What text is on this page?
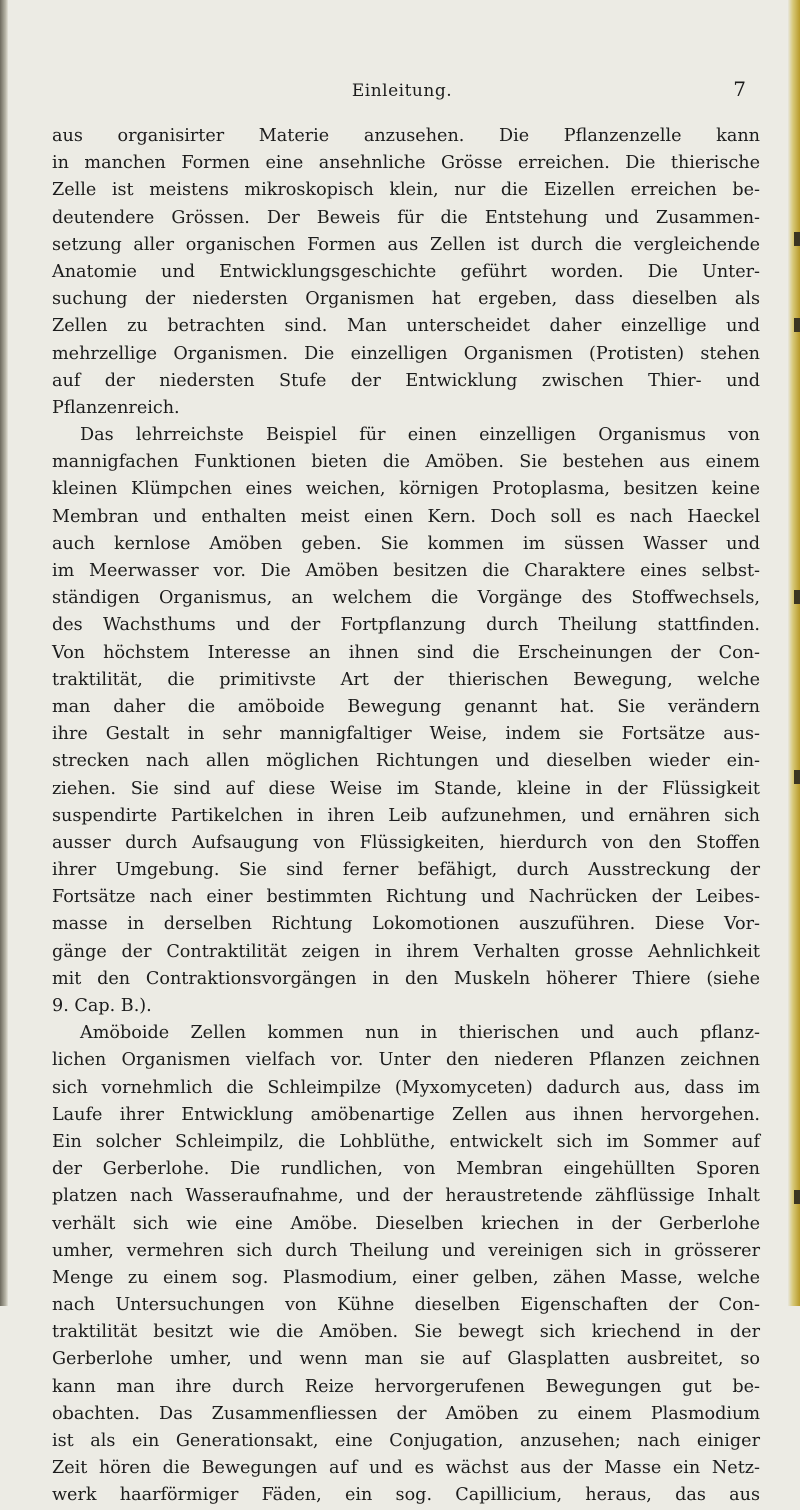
Einleitung.	7
aus organisirter Materie anzusehen. Die Pflanzenzelle kann
in manchen Formen eine ansehnliche Grösse erreichen. Die thierische
Zelle ist meistens mikroskopisch klein, nur die Eizellen erreichen be-
deutendere Grössen. Der Beweis für die Entstehung und Zusammen-
setzung aller organischen Formen aus Zellen ist durch die vergleichende
Anatomie und Entwicklungsgeschichte geführt worden. Die Unter-
suchung der niedersten Organismen hat ergeben, dass dieselben als
Zellen zu betrachten sind. Man unterscheidet daher einzellige und
mehrzellige Organismen. Die einzelligen Organismen (Protisten) stehen
auf der niedersten Stufe der Entwicklung zwischen Thier- und
Pflanzenreich.
Das lehrreichste Beispiel für einen einzelligen Organismus von
mannigfachen Funktionen bieten die Amöben. Sie bestehen aus einem
kleinen Klümpchen eines weichen, körnigen Protoplasma, besitzen keine
Membran und enthalten meist einen Kern. Doch soll es nach Haeckel
auch kernlose Amöben geben. Sie kommen im süssen Wasser und
im Meerwasser vor. Die Amöben besitzen die Charaktere eines selbst-
ständigen Organismus, an welchem die Vorgänge des Stoffwechsels,
des Wachsthums und der Fortpflanzung durch Theilung stattfinden.
Von höchstem Interesse an ihnen sind die Erscheinungen der Con-
traktilität, die primitivste Art der thierischen Bewegung, welche
man daher die amöboide Bewegung genannt hat. Sie verändern
ihre Gestalt in sehr mannigfaltiger Weise, indem sie Fortsätze aus-
strecken nach allen möglichen Richtungen und dieselben wieder ein-
ziehen. Sie sind auf diese Weise im Stande, kleine in der Flüssigkeit
suspendirte Partikelchen in ihren Leib aufzunehmen, und ernähren sich
ausser durch Aufsaugung von Flüssigkeiten, hierdurch von den Stoffen
ihrer Umgebung. Sie sind ferner befähigt, durch Ausstreckung der
Fortsätze nach einer bestimmten Richtung und Nachrücken der Leibes-
masse in derselben Richtung Lokomotionen auszuführen. Diese Vor-
gänge der Contraktilität zeigen in ihrem Verhalten grosse Aehnlichkeit
mit den Contraktionsvorgängen in den Muskeln höherer Thiere (siehe
9. Cap. B.).
Amöboide Zellen kommen nun in thierischen und auch pflanz-
lichen Organismen vielfach vor. Unter den niederen Pflanzen zeichnen
sich vornehmlich die Schleimpilze (Myxomyceten) dadurch aus, dass im
Laufe ihrer Entwicklung amöbenartige Zellen aus ihnen hervorgehen.
Ein solcher Schleimpilz, die Lohblüthe, entwickelt sich im Sommer auf
der Gerberlohe. Die rundlichen, von Membran eingehüllten Sporen
platzen nach Wasseraufnahme, und der heraustretende zähflüssige Inhalt
verhält sich wie eine Amöbe. Dieselben kriechen in der Gerberlohe
umher, vermehren sich durch Theilung und vereinigen sich in grösserer
Menge zu einem sog. Plasmodium, einer gelben, zähen Masse, welche
nach Untersuchungen von Kühne dieselben Eigenschaften der Con-
traktilität besitzt wie die Amöben. Sie bewegt sich kriechend in der
Gerberlohe umher, und wenn man sie auf Glasplatten ausbreitet, so
kann man ihre durch Reize hervorgerufenen Bewegungen gut be-
obachten. Das Zusammenfliessen der Amöben zu einem Plasmodium
ist als ein Generationsakt, eine Conjugation, anzusehen; nach einiger
Zeit hören die Bewegungen auf und es wächst aus der Masse ein Netz-
werk haarförmiger Fäden, ein sog. Capillicium, heraus, das aus
